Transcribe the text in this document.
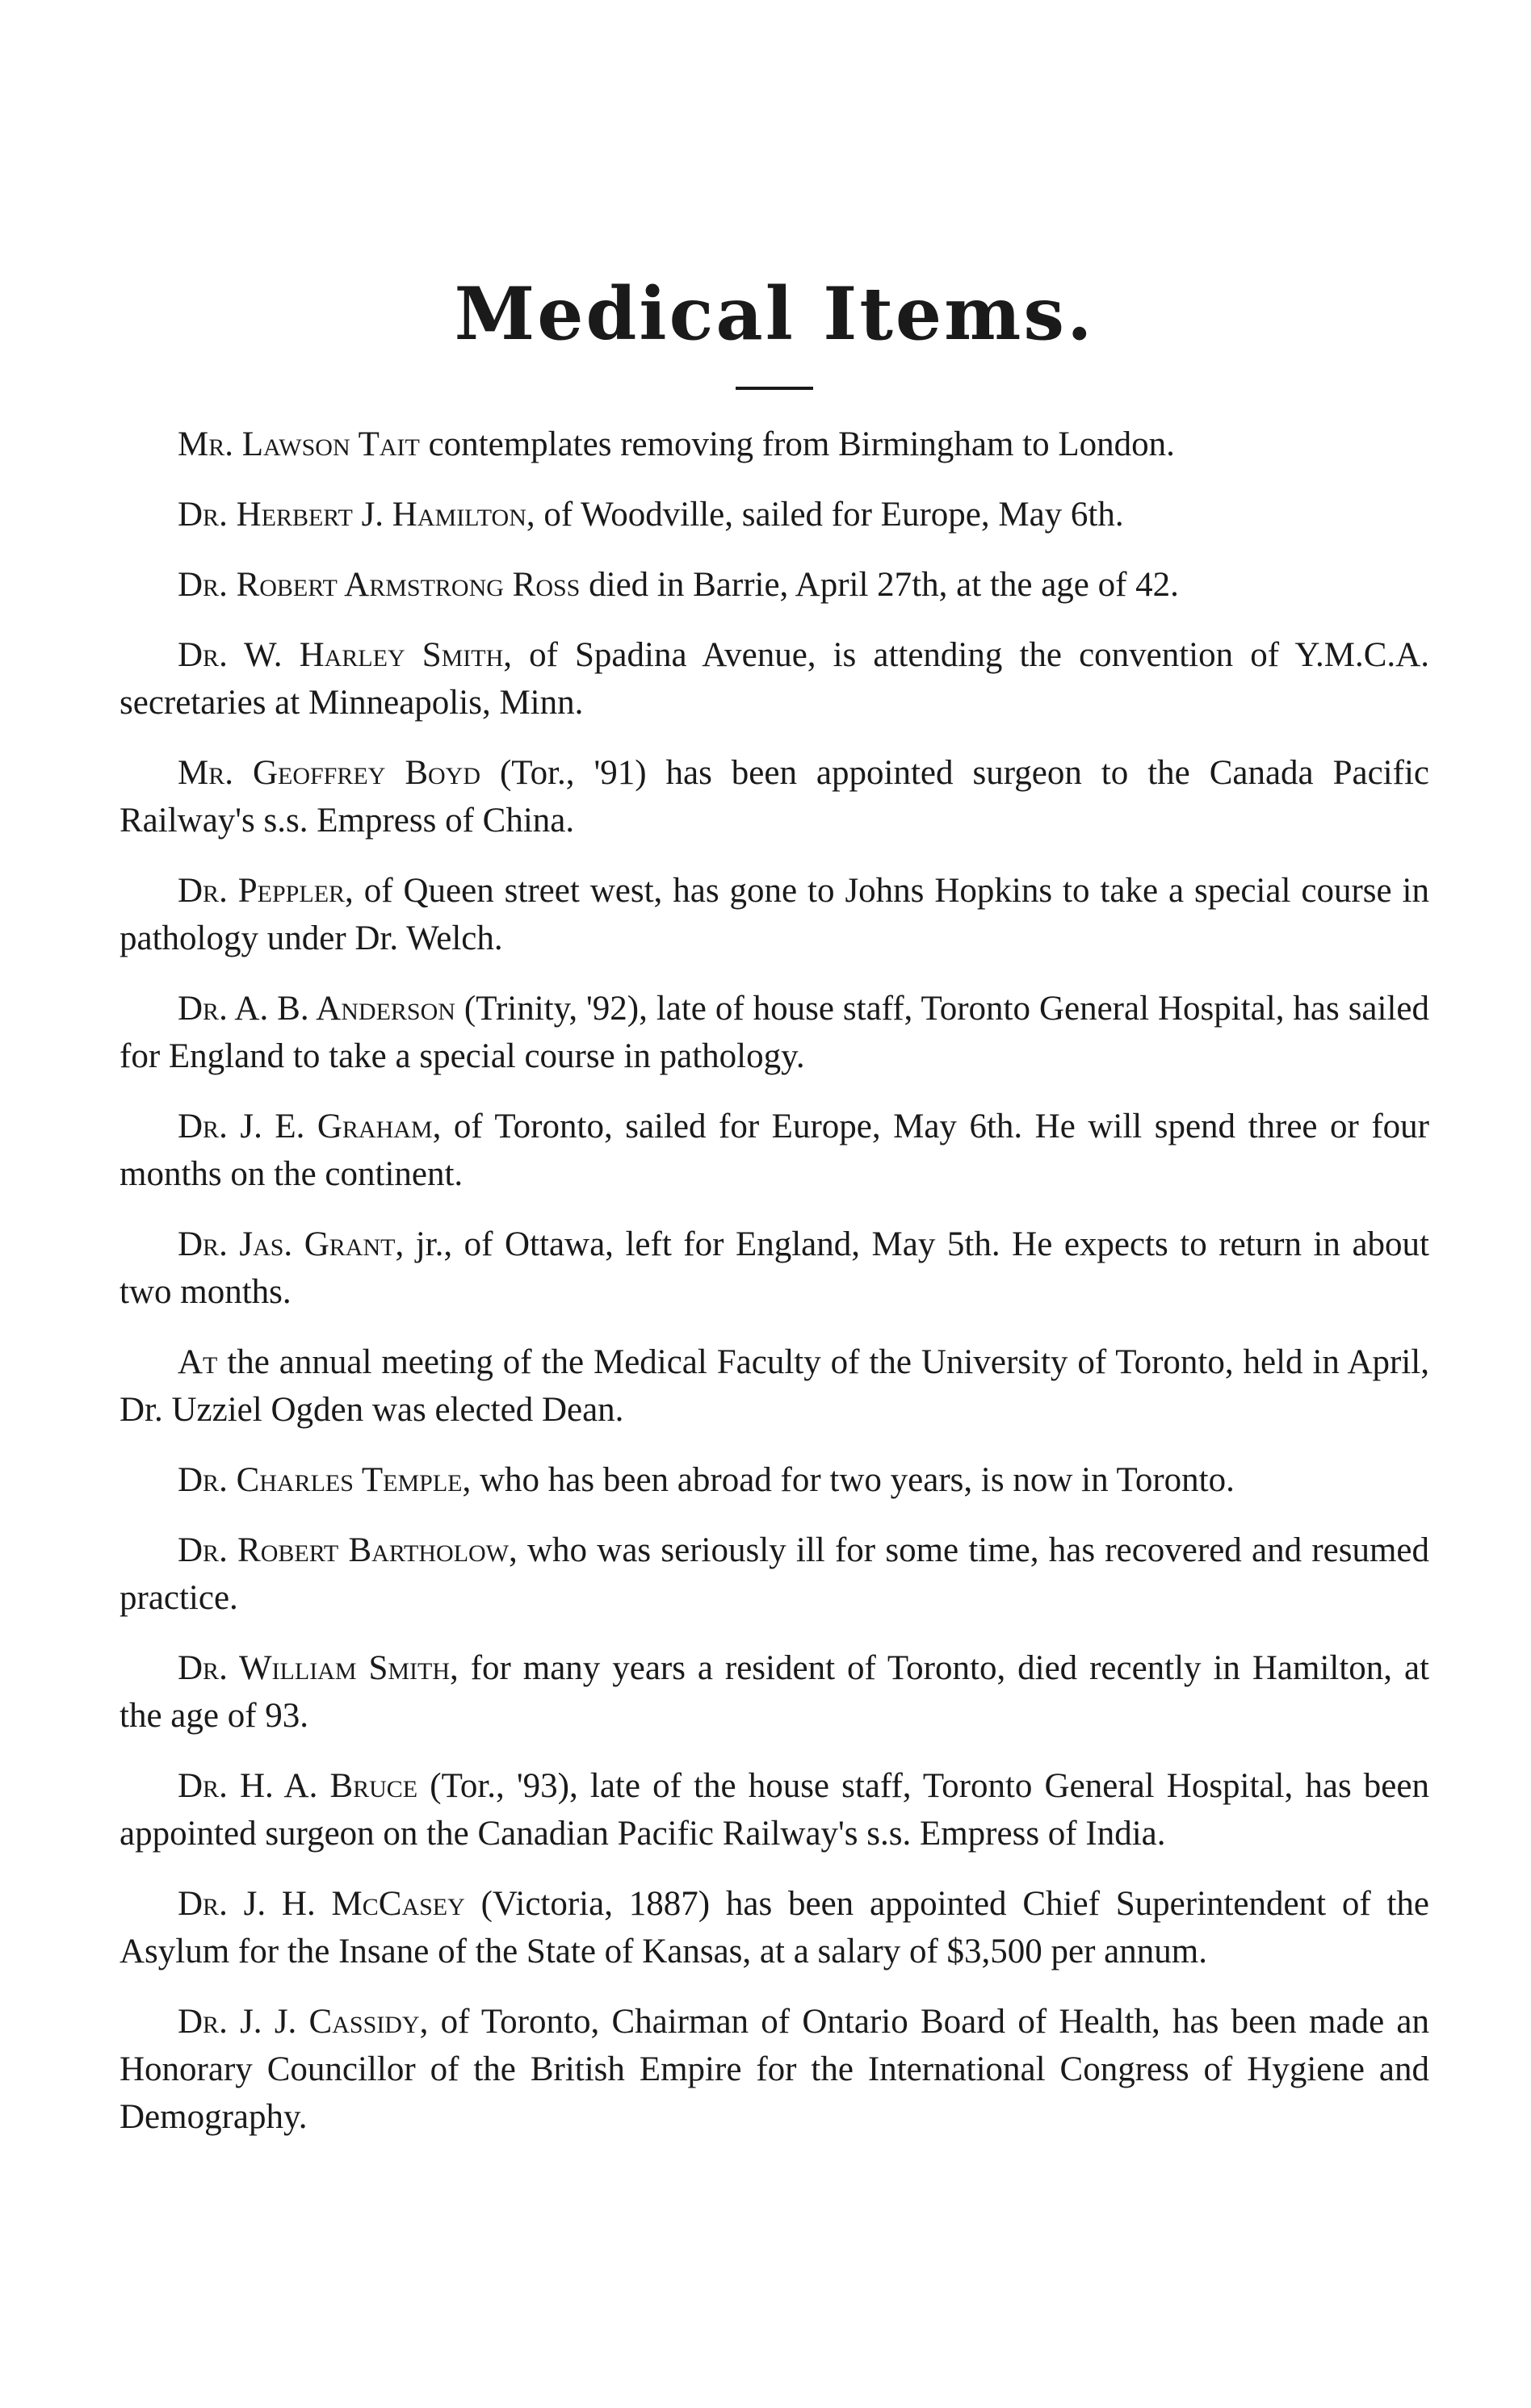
Medical Items.

Mr. Lawson Tait contemplates removing from Birmingham to London.

Dr. Herbert J. Hamilton, of Woodville, sailed for Europe, May 6th.

Dr. Robert Armstrong Ross died in Barrie, April 27th, at the age of 42.

Dr. W. Harley Smith, of Spadina Avenue, is attending the convention of Y.M.C.A. secretaries at Minneapolis, Minn.

Mr. Geoffrey Boyd (Tor., '91) has been appointed surgeon to the Canada Pacific Railway's s.s. Empress of China.

Dr. Peppler, of Queen street west, has gone to Johns Hopkins to take a special course in pathology under Dr. Welch.

Dr. A. B. Anderson (Trinity, '92), late of house staff, Toronto General Hospital, has sailed for England to take a special course in pathology.

Dr. J. E. Graham, of Toronto, sailed for Europe, May 6th. He will spend three or four months on the continent.

Dr. Jas. Grant, jr., of Ottawa, left for England, May 5th. He expects to return in about two months.

At the annual meeting of the Medical Faculty of the University of Toronto, held in April, Dr. Uzziel Ogden was elected Dean.

Dr. Charles Temple, who has been abroad for two years, is now in Toronto.

Dr. Robert Bartholow, who was seriously ill for some time, has recovered and resumed practice.

Dr. William Smith, for many years a resident of Toronto, died recently in Hamilton, at the age of 93.

Dr. H. A. Bruce (Tor., '93), late of the house staff, Toronto General Hospital, has been appointed surgeon on the Canadian Pacific Railway's s.s. Empress of India.

Dr. J. H. McCasey (Victoria, 1887) has been appointed Chief Superintendent of the Asylum for the Insane of the State of Kansas, at a salary of $3,500 per annum.

Dr. J. J. Cassidy, of Toronto, Chairman of Ontario Board of Health, has been made an Honorary Councillor of the British Empire for the International Congress of Hygiene and Demography.
